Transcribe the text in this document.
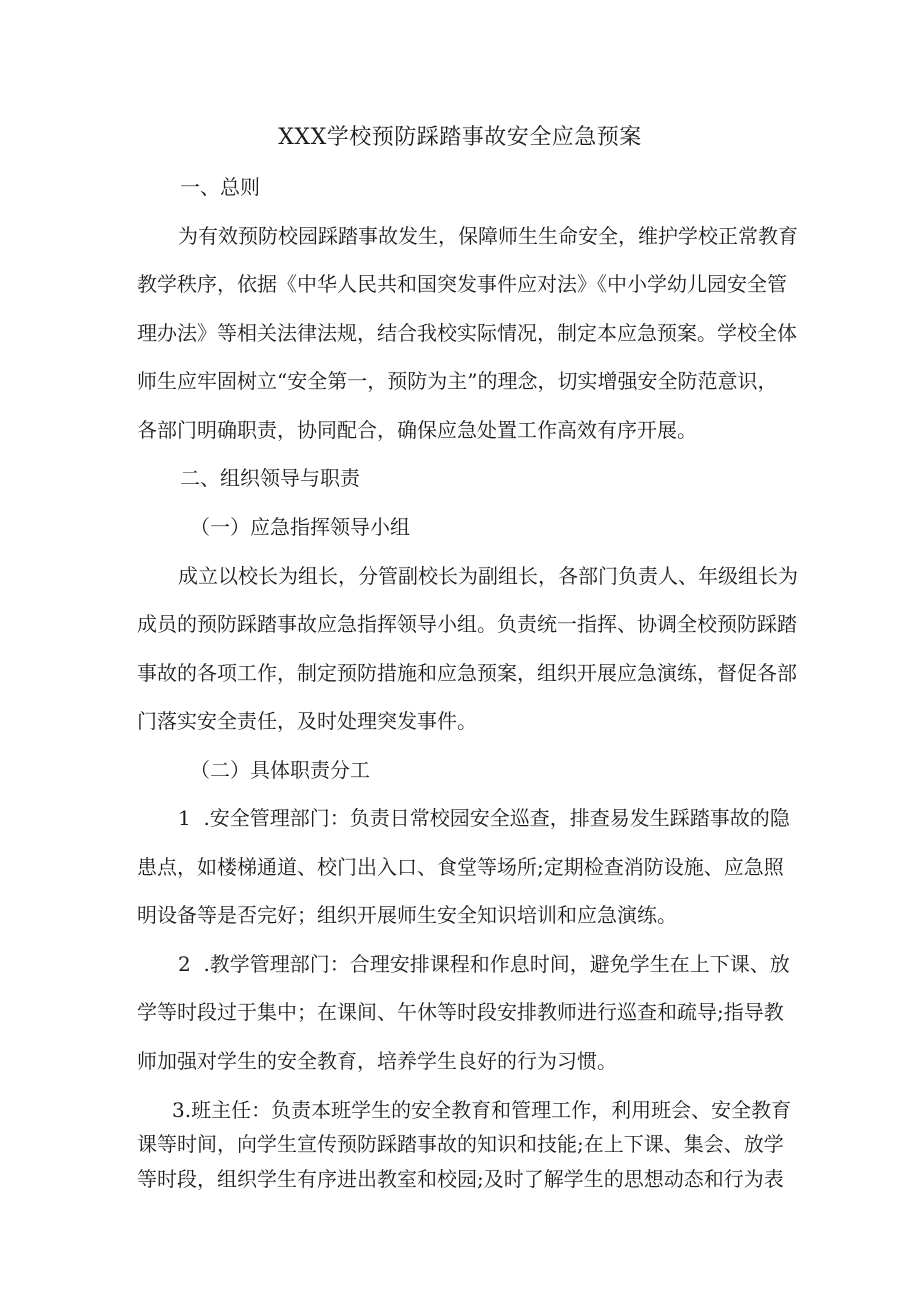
XXX学校预防踩踏事故安全应急预案
一、总则
为有效预防校园踩踏事故发生，保障师生生命安全，维护学校正常教育
教学秩序，依据《中华人民共和国突发事件应对法》《中小学幼儿园安全管
理办法》等相关法律法规，结合我校实际情况，制定本应急预案。学校全体
师生应牢固树立“安全第一，预防为主”的理念，切实增强安全防范意识，
各部门明确职责，协同配合，确保应急处置工作高效有序开展。
二、组织领导与职责
（一）应急指挥领导小组
成立以校长为组长，分管副校长为副组长，各部门负责人、年级组长为
成员的预防踩踏事故应急指挥领导小组。负责统一指挥、协调全校预防踩踏
事故的各项工作，制定预防措施和应急预案，组织开展应急演练，督促各部
门落实安全责任，及时处理突发事件。
（二）具体职责分工
1  .安全管理部门：负责日常校园安全巡查，排查易发生踩踏事故的隐
患点，如楼梯通道、校门出入口、食堂等场所;定期检查消防设施、应急照
明设备等是否完好；组织开展师生安全知识培训和应急演练。
2  .教学管理部门：合理安排课程和作息时间，避免学生在上下课、放
学等时段过于集中；在课间、午休等时段安排教师进行巡查和疏导;指导教
师加强对学生的安全教育，培养学生良好的行为习惯。
3.班主任：负责本班学生的安全教育和管理工作，利用班会、安全教育
课等时间，向学生宣传预防踩踏事故的知识和技能;在上下课、集会、放学
等时段，组织学生有序进出教室和校园;及时了解学生的思想动态和行为表
